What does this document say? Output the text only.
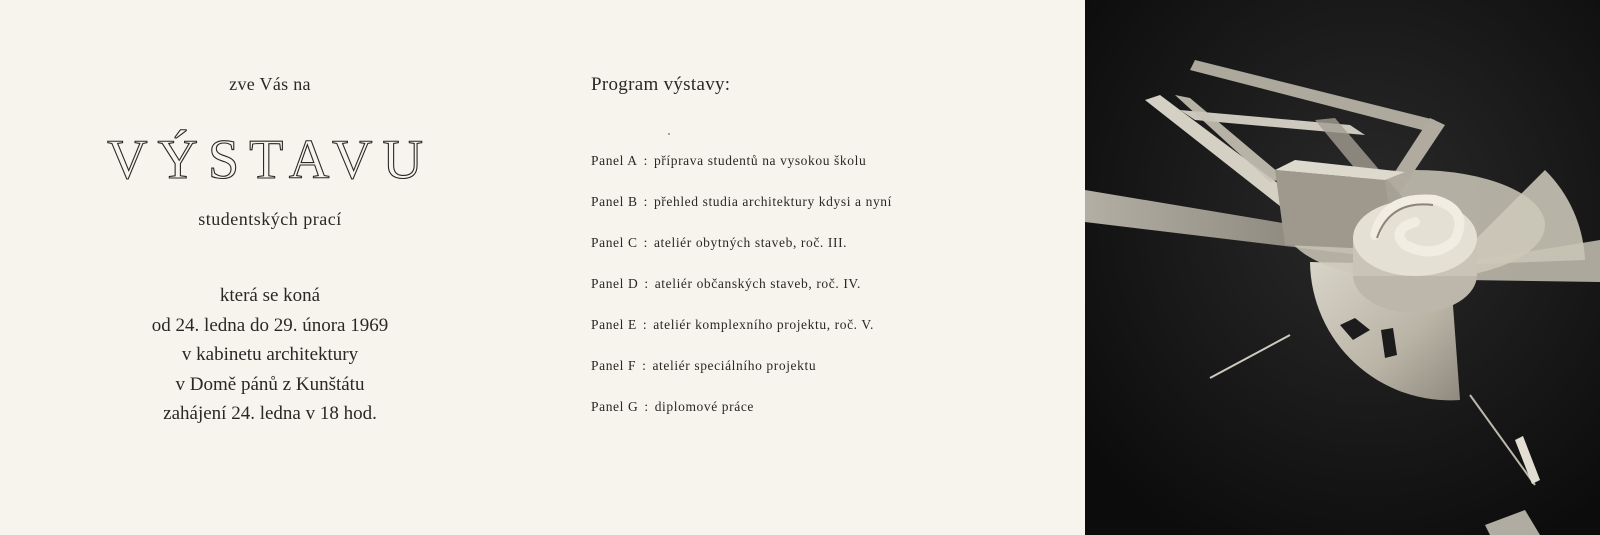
zve Vás na
VÝSTAVU
studentských prací
která se koná
od 24. ledna do 29. února 1969
v kabinetu architektury
v Domě pánů z Kunštátu
zahájení 24. ledna v 18 hod.
Program výstavy:
Panel A : příprava studentů na vysokou školu
Panel B : přehled studia architektury kdysi a nyní
Panel C : ateliér obytných staveb, roč. III.
Panel D : ateliér občanských staveb, roč. IV.
Panel E : ateliér komplexního projektu, roč. V.
Panel F : ateliér speciálního projektu
Panel G : diplomové práce
